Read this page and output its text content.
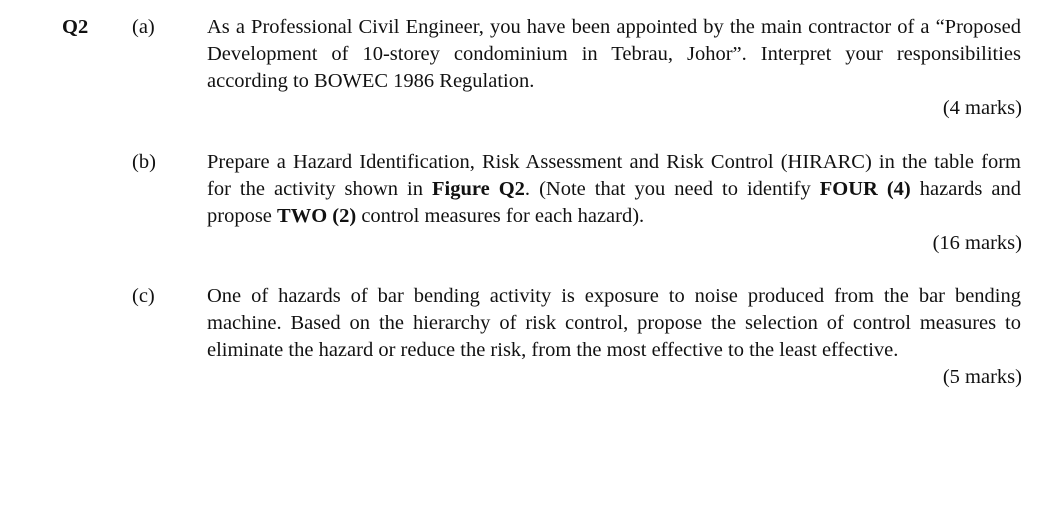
Q2 (a)	As a Professional Civil Engineer, you have been appointed by the main contractor of a “Proposed Development of 10-storey condominium in Tebrau, Johor”. Interpret your responsibilities according to BOWEC 1986 Regulation.
(4 marks)
(b) Prepare a Hazard Identification, Risk Assessment and Risk Control (HIRARC) in the table form for the activity shown in Figure Q2. (Note that you need to identify FOUR (4) hazards and propose TWO (2) control measures for each hazard).
(16 marks)
(c)	One of hazards of bar bending activity is exposure to noise produced from the bar bending machine. Based on the hierarchy of risk control, propose the selection of control measures to eliminate the hazard or reduce the risk, from the most effective to the least effective.
(5 marks)
